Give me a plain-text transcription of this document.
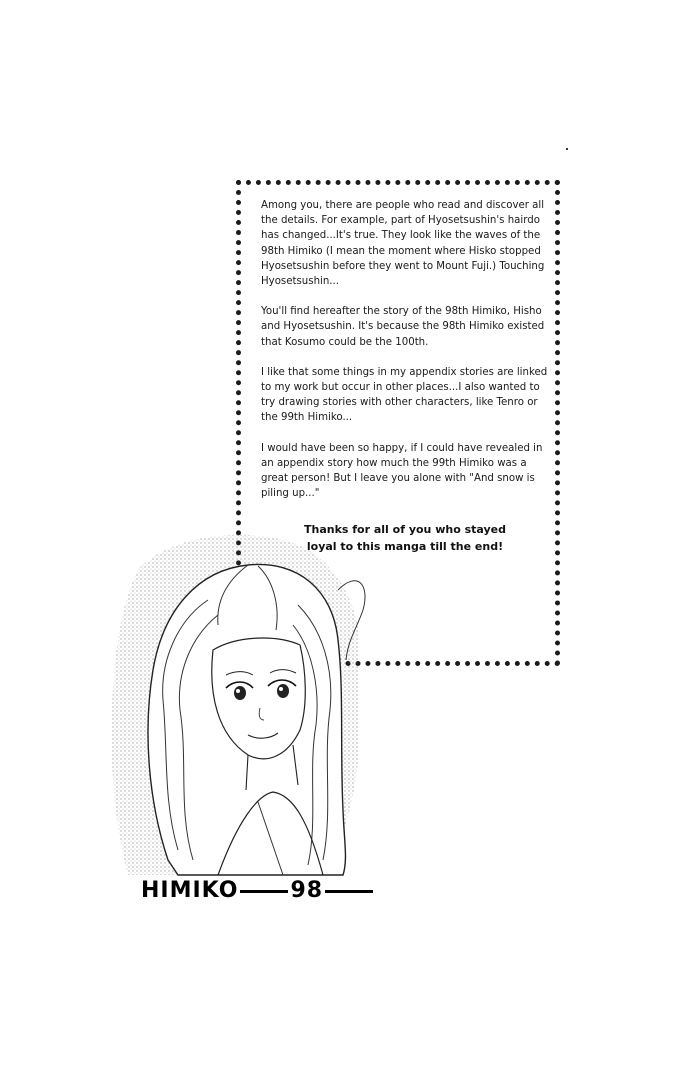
Among you, there are people who read and discover all the details. For example, part of Hyosetsushin's hairdo has changed...It's true. They look like the waves of the 98th Himiko (I mean the moment where Hisko stopped Hyosetsushin before they went to Mount Fuji.) Touching Hyosetsushin...

You'll find hereafter the story of the 98th Himiko, Hisho and Hyosetsushin. It's because the 98th Himiko existed that Kosumo could be the 100th.

I like that some things in my appendix stories are linked to my work but occur in other places...I also wanted to try drawing stories with other characters, like Tenro or the 99th Himiko...

I would have been so happy, if I could have revealed in an appendix story how much the 99th Himiko was a great person! But I leave you alone with "And snow is piling up..."

Thanks for all of you who stayed
loyal to this manga till the end!
HIMIKO 98
